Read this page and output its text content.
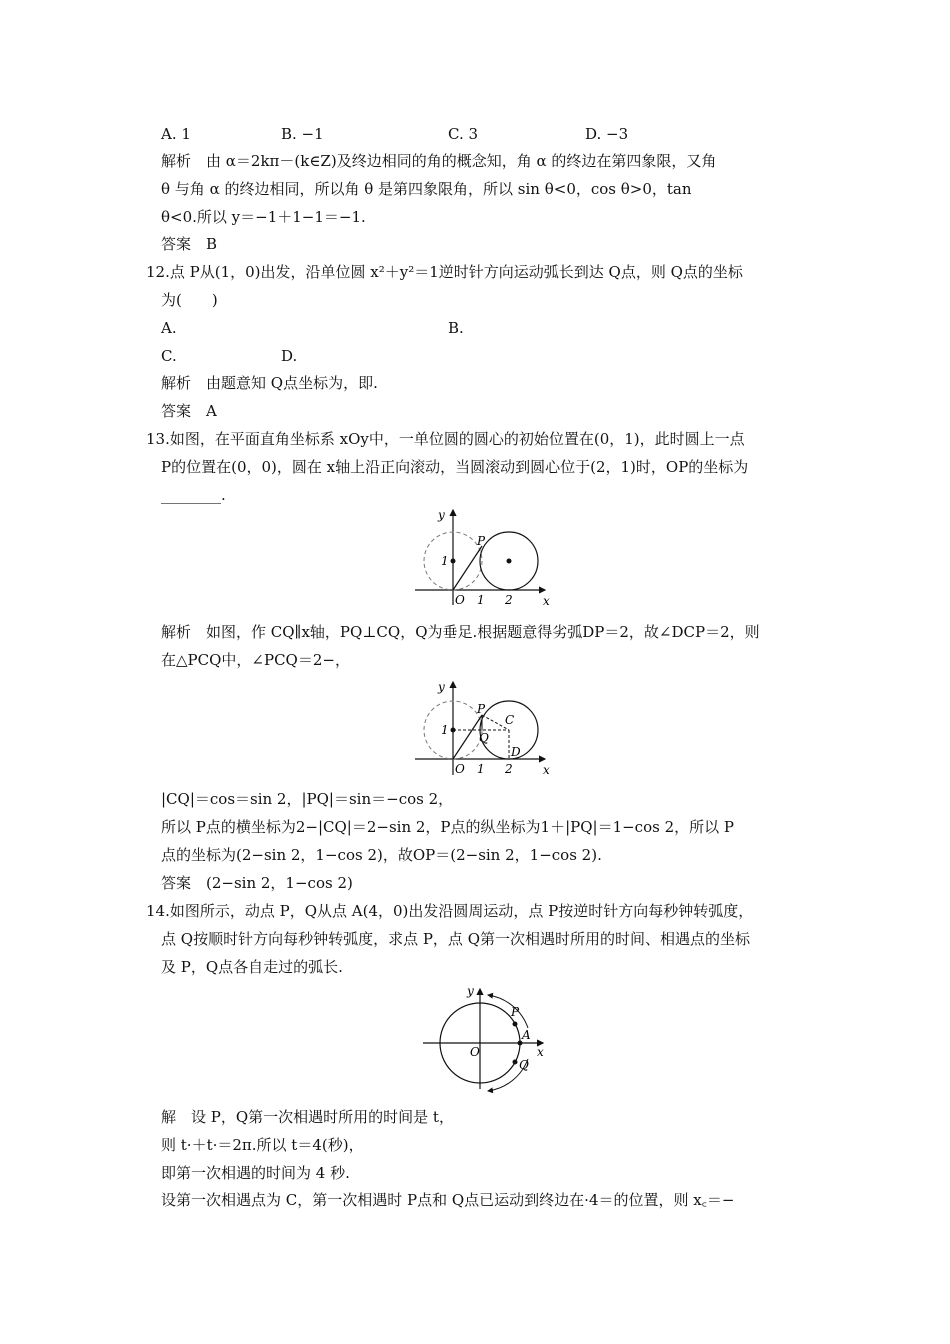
A. 1	B. −1	C. 3	D. −3
解析　由 α＝2kπ－(k∈Z)及终边相同的角的概念知，角 α 的终边在第四象限，又角
θ 与角 α 的终边相同，所以角 θ 是第四象限角，所以 sin θ<0，cos θ>0，tan
θ<0.所以 y＝−1＋1−1＝−1.
答案　B
12.点 P从(1，0)出发，沿单位圆 x²＋y²＝1逆时针方向运动弧长到达 Q点，则 Q点的坐标
为(　　)
A.	B.
C.	D.
解析　由题意知 Q点坐标为，即.
答案　A
13.如图，在平面直角坐标系 xOy中，一单位圆的圆心的初始位置在(0，1)，此时圆上一点
P的位置在(0，0)，圆在 x轴上沿正向滚动，当圆滚动到圆心位于(2，1)时，OP的坐标为
________.
y
x
O
1
1 2
P
解析　如图，作 CQ∥x轴，PQ⊥CQ，Q为垂足.根据题意得劣弧DP＝2，故∠DCP＝2，则
在△PCQ中，∠PCQ＝2−，
y
x
O
1
1 2
P
C
Q
D
|CQ|＝cos＝sin 2，|PQ|＝sin＝−cos 2，
所以 P点的横坐标为2−|CQ|＝2−sin 2，P点的纵坐标为1＋|PQ|＝1−cos 2，所以 P
点的坐标为(2−sin 2，1−cos 2)，故OP＝(2−sin 2，1−cos 2).
答案　(2−sin 2，1−cos 2)
14.如图所示，动点 P，Q从点 A(4，0)出发沿圆周运动，点 P按逆时针方向每秒钟转弧度，
点 Q按顺时针方向每秒钟转弧度，求点 P，点 Q第一次相遇时所用的时间、相遇点的坐标
及 P，Q点各自走过的弧长.
y
x
O
P
A
Q
解　设 P，Q第一次相遇时所用的时间是 t，
则 t·＋t·＝2π.所以 t＝4(秒)，
即第一次相遇的时间为 4 秒.
设第一次相遇点为 C，第一次相遇时 P点和 Q点已运动到终边在·4＝的位置，则 x꜀＝−
